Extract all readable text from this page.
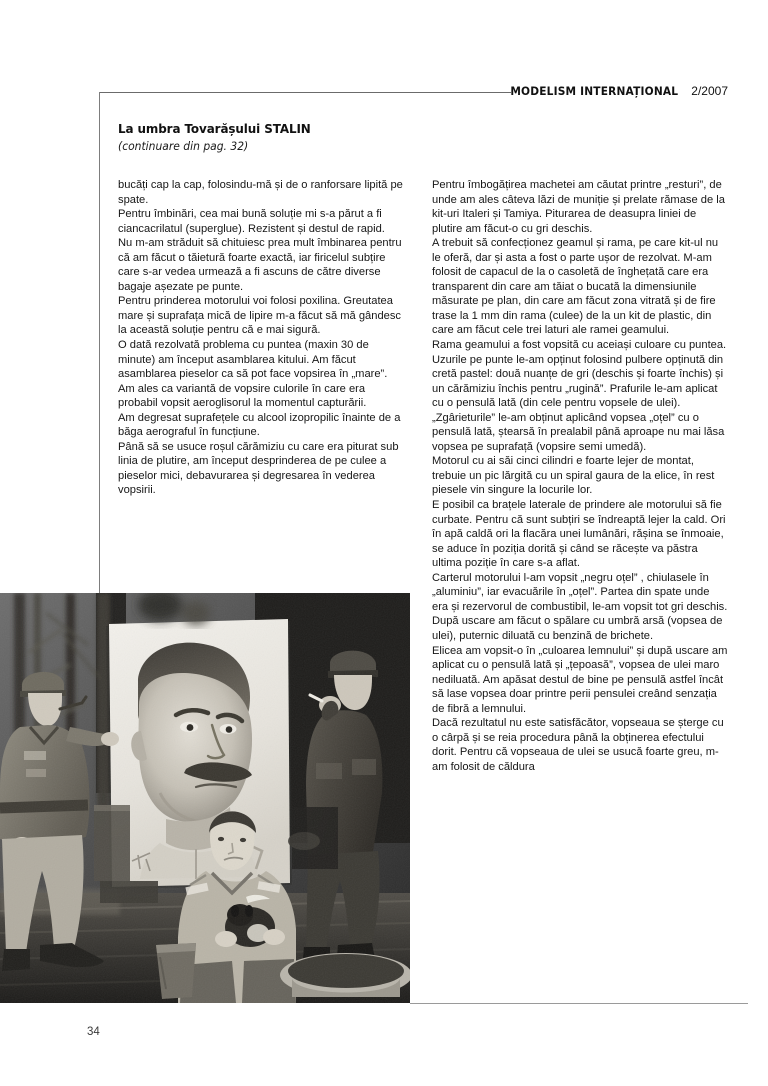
MODELISM INTERNAȚIONAL 2/2007
La umbra Tovarășului STALIN

(continuare din pag. 32)

bucăți cap la cap, folosindu-mă și de o ranforsare lipită pe spate.

Pentru îmbinări, cea mai bună soluție mi s-a părut a fi ciancacrilatul (superglue). Rezistent și destul de rapid.

Nu m-am străduit să chituiesc prea mult îmbinarea pentru că am făcut o tăietură foarte exactă, iar firicelul subțire care s-ar vedea urmează a fi ascuns de către diverse bagaje așezate pe punte.

Pentru prinderea motorului voi folosi poxilina. Greutatea mare și suprafața mică de lipire m-a făcut să mă gândesc la această soluție pentru că e mai sigură.

O dată rezolvată problema cu puntea (maxin 30 de minute) am început asamblarea kitului. Am făcut asamblarea pieselor ca să pot face vopsirea în „mare”. Am ales ca variantă de vopsire culorile în care era probabil vopsit aeroglisorul la momentul capturării.

Am degresat suprafețele cu alcool izopropilic înainte de a băga aerograful în funcțiune.

Până să se usuce roșul cărămiziu cu care era piturat sub linia de plutire, am început desprinderea de pe culee a pieselor mici, debavurarea și degresarea în vederea vopsirii.

Pentru îmbogățirea machetei am căutat printre „resturi”, de unde am ales câteva lăzi de muniție și prelate rămase de la kit-uri Italeri și Tamiya. Piturarea de deasupra liniei de plutire am făcut-o cu gri deschis.

A trebuit să confecționez geamul și rama, pe care kit-ul nu le oferă, dar și asta a fost o parte ușor de rezolvat. M-am folosit de capacul de la o casoletă de înghețată care era transparent din care am tăiat o bucată la dimensiunile măsurate pe plan, din care am făcut zona vitrată și de fire trase la 1 mm din rama (culee) de la un kit de plastic, din care am făcut cele trei laturi ale ramei geamului.

Rama geamului a fost vopsită cu aceiași culoare cu puntea.

Uzurile pe punte le-am opținut folosind pulbere opținută din cretă pastel: două nuanțe de gri (deschis și foarte închis) și un cărămiziu închis pentru „rugină”. Prafurile le-am aplicat cu o pensulă lată (din cele pentru vopsele de ulei).

„Zgârieturile” le-am obținut aplicând vopsea „oțel” cu o pensulă lată, ștearsă în prealabil până aproape nu mai lăsa vopsea pe suprafață (vopsire semi umedă).

Motorul cu ai săi cinci cilindri e foarte lejer de montat, trebuie un pic lărgită cu un spiral gaura de la elice, în rest piesele vin singure la locurile lor.

E posibil ca brațele laterale de prindere ale motorului să fie curbate. Pentru că sunt subțiri se îndreaptă lejer la cald. Ori în apă caldă ori la flacăra unei lumânări, rășina se înmoaie, se aduce în poziția dorită și când se răcește va păstra ultima poziție în care s-a aflat.

Carterul motorului l-am vopsit „negru oțel” , chiulasele în „aluminiu”, iar evacuările în „oțel”. Partea din spate unde era și rezervorul de combustibil, le-am vopsit tot gri deschis. După uscare am făcut o spălare cu umbră arsă (vopsea de ulei), puternic diluată cu benzină de brichete.

Elicea am vopsit-o în „culoarea lemnului” și după uscare am aplicat cu o pensulă lată și „țepoasă”, vopsea de ulei maro nediluată. Am apăsat destul de bine pe pensulă astfel încât să lase vopsea doar printre perii pensulei creând senzația de fibră a lemnului.

Dacă rezultatul nu este satisfăcător, vopseaua se șterge cu o cârpă și se reia procedura până la obținerea efectului dorit. Pentru că vopseaua de ulei se usucă foarte greu, m-am folosit de căldura

34
